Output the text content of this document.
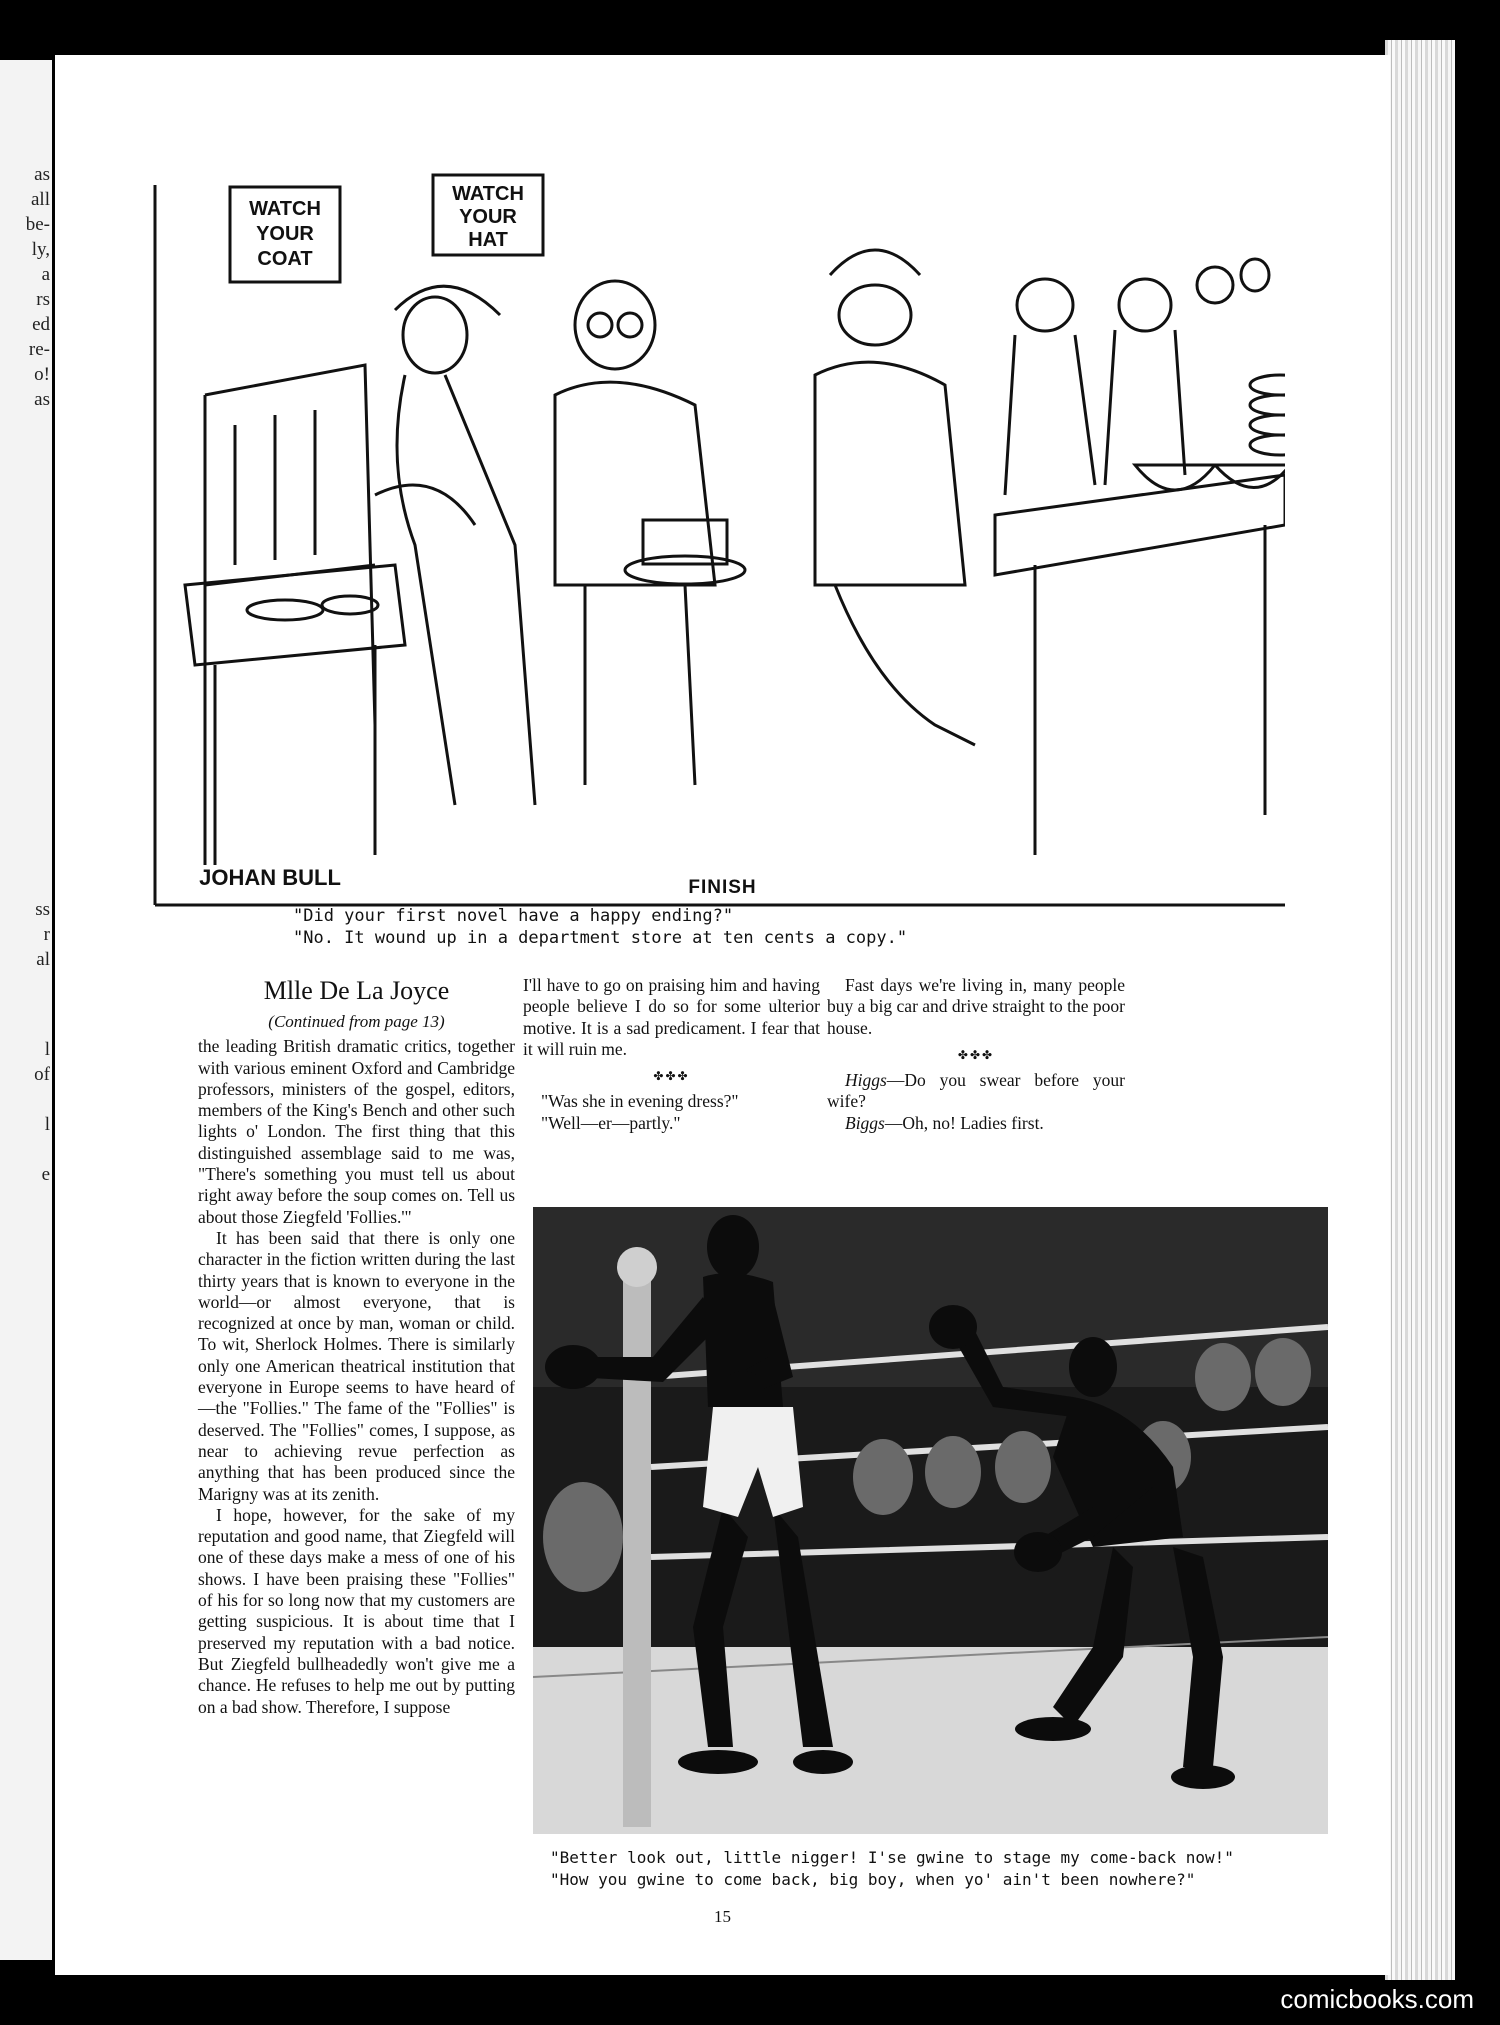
as
all
be-
ly,
a
rs
ed
re-
o!
as
ss
r
al
l
of
l
e
WATCH
YOUR
COAT
WATCH
YOUR
HAT
JOHAN BULL	FINISH
"Did your first novel have a happy ending?"
"No. It wound up in a department store at ten cents a copy."

Mlle De La Joyce

(Continued from page 13)

the leading British dramatic critics, together with various eminent Oxford and Cambridge professors, ministers of the gospel, editors, members of the King's Bench and other such lights o' London. The first thing that this distinguished assemblage said to me was, "There's something you must tell us about right away before the soup comes on. Tell us about those Ziegfeld 'Follies.'"

It has been said that there is only one character in the fiction written during the last thirty years that is known to everyone in the world—or almost everyone, that is recognized at once by man, woman or child. To wit, Sherlock Holmes. There is similarly only one American theatrical institution that everyone in Europe seems to have heard of—the "Follies." The fame of the "Follies" is deserved. The "Follies" comes, I suppose, as near to achieving revue perfection as anything that has been produced since the Marigny was at its zenith.

I hope, however, for the sake of my reputation and good name, that Ziegfeld will one of these days make a mess of one of his shows. I have been praising these "Follies" of his for so long now that my customers are getting suspicious. It is about time that I preserved my reputation with a bad notice. But Ziegfeld bullheadedly won't give me a chance. He refuses to help me out by putting on a bad show. Therefore, I suppose

I'll have to go on praising him and having people believe I do so for some ulterior motive. It is a sad predicament. I fear that it will ruin me.

✤✤✤

"Was she in evening dress?"

"Well—er—partly."

Fast days we're living in, many people buy a big car and drive straight to the poor house.

✤✤✤

Higgs—Do you swear before your wife?

Biggs—Oh, no! Ladies first.

"Better look out, little nigger! I'se gwine to stage my come-back now!"
"How you gwine to come back, big boy, when yo' ain't been nowhere?"
15
comicbooks.com
